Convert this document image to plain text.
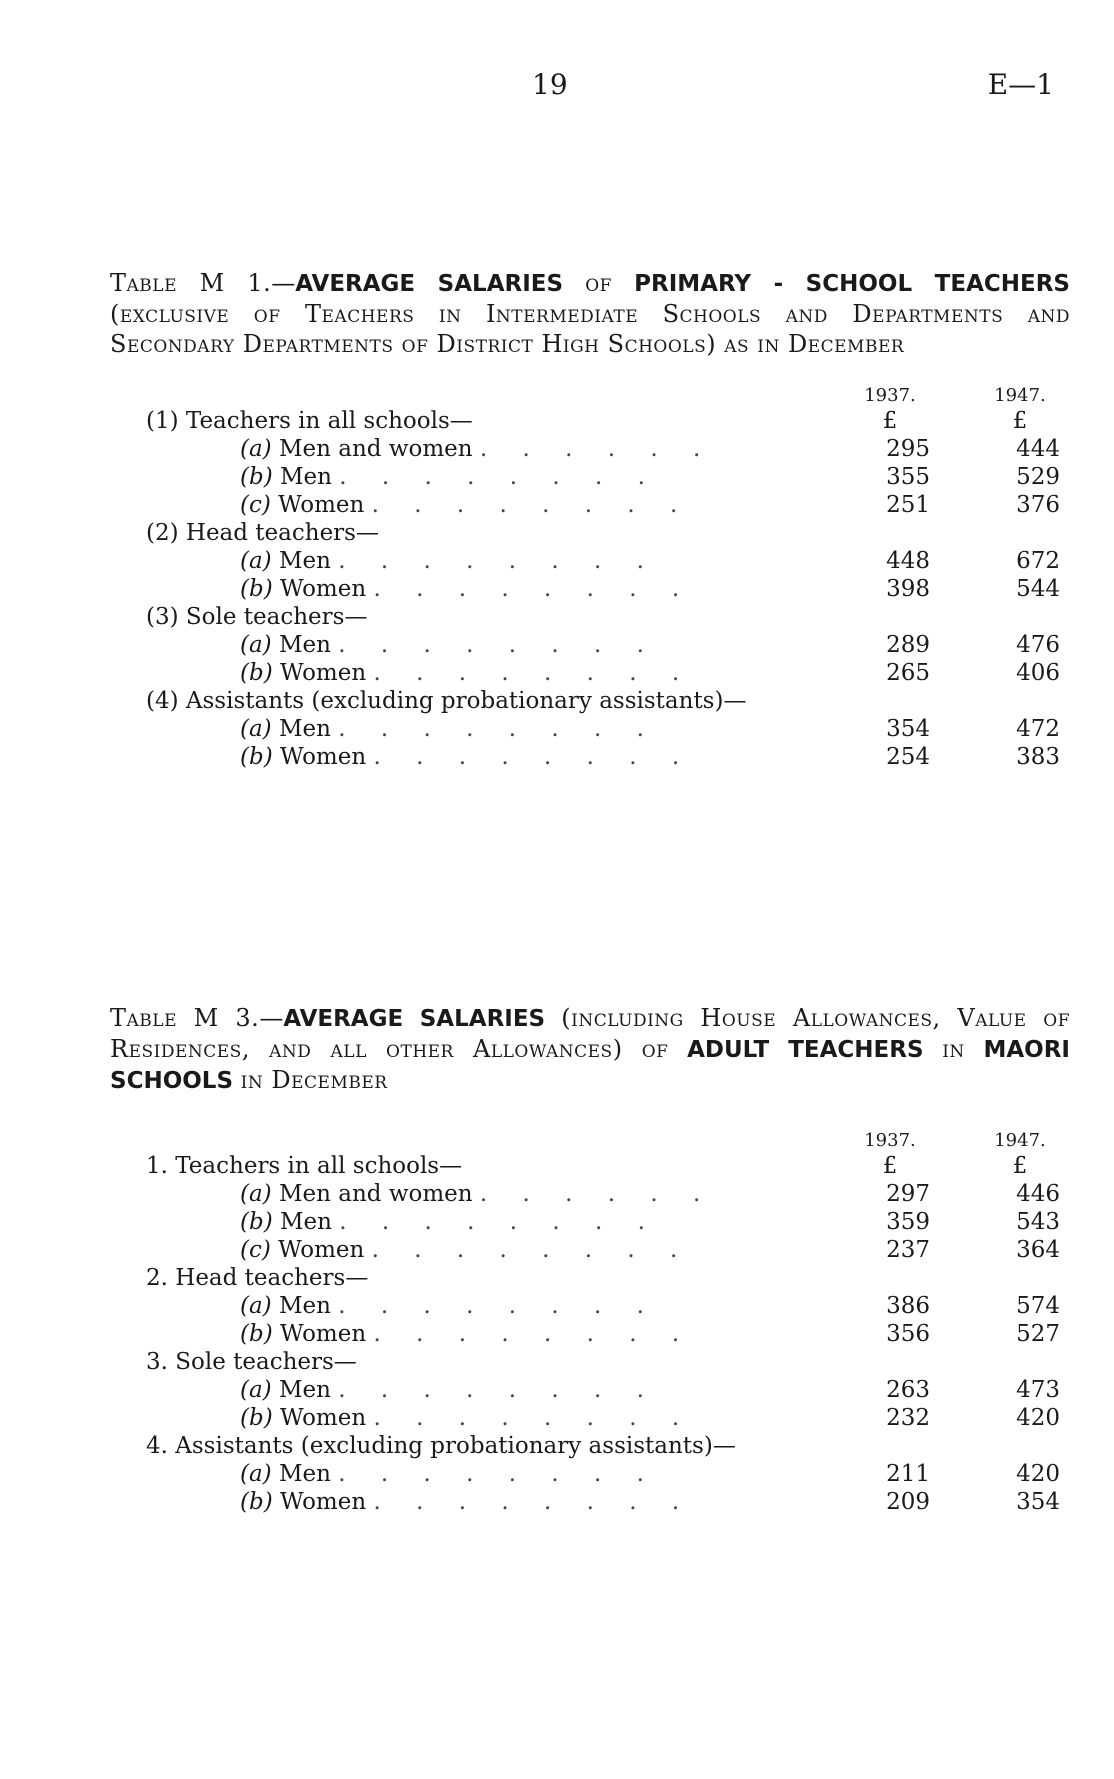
19	E—1
Table M 1.—AVERAGE SALARIES of PRIMARY - SCHOOL TEACHERS (exclusive of Teachers in Intermediate Schools and Departments and Secondary Departments of District High Schools) as in December
1937.	1947.
(1) Teachers in all schools—	£	£
(a) Men and women . . . . . .	295	444
(b) Men . . . . . . . .	355	529
(c) Women . . . . . . . .	251	376
(2) Head teachers—
(a) Men . . . . . . . .	448	672
(b) Women . . . . . . . .	398	544
(3) Sole teachers—
(a) Men . . . . . . . .	289	476
(b) Women . . . . . . . .	265	406
(4) Assistants (excluding probationary assistants)—
(a) Men . . . . . . . .	354	472
(b) Women . . . . . . . .	254	383
Table M 3.—AVERAGE SALARIES (including House Allowances, Value of Residences, and all other Allowances) of ADULT TEACHERS in MAORI SCHOOLS in December
1937.	1947.
1. Teachers in all schools—	£	£
(a) Men and women . . . . . .	297	446
(b) Men . . . . . . . .	359	543
(c) Women . . . . . . . .	237	364
2. Head teachers—
(a) Men . . . . . . . .	386	574
(b) Women . . . . . . . .	356	527
3. Sole teachers—
(a) Men . . . . . . . .	263	473
(b) Women . . . . . . . .	232	420
4. Assistants (excluding probationary assistants)—
(a) Men . . . . . . . .	211	420
(b) Women . . . . . . . .	209	354
